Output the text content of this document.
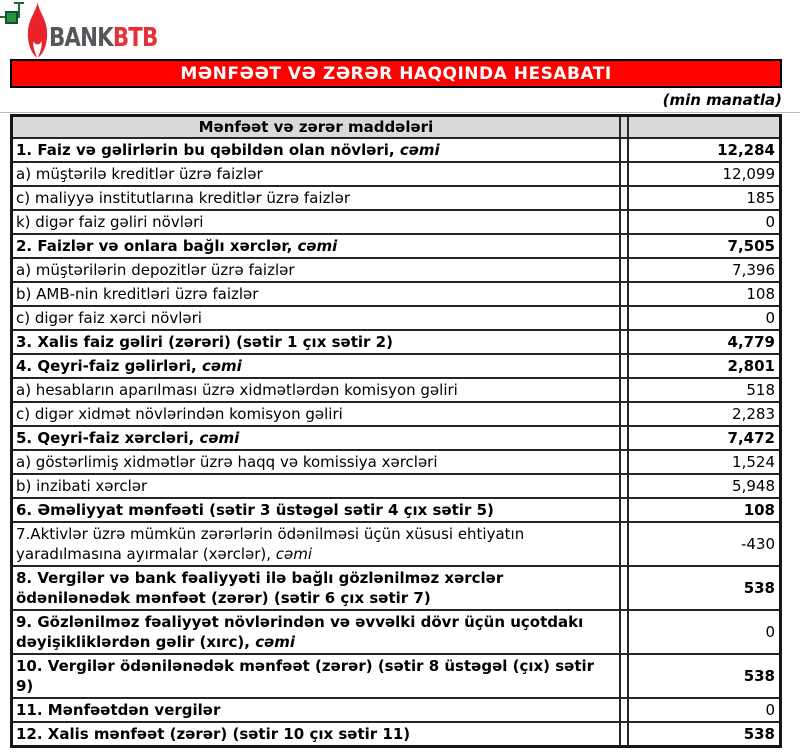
BANKBTB
MƏNFƏƏT VƏ ZƏRƏR HAQQINDA HESABATI
(min manatla)
Mənfəət və zərər maddələri		
1. Faiz və gəlirlərin bu qəbildən olan növləri, cəmi		12,284
a) müştərilə kreditlər üzrə faizlər		12,099
c) maliyyə institutlarına kreditlər üzrə faizlər		185
k) digər faiz gəliri növləri		0
2. Faizlər və onlara bağlı xərclər, cəmi		7,505
a) müştərilərin depozitlər üzrə faizlər		7,396
b) AMB-nin kreditləri üzrə faizlər		108
c) digər faiz xərci növləri		0
3. Xalis faiz gəliri (zərəri) (sətir 1 çıx sətir 2)		4,779
4. Qeyri-faiz gəlirləri, cəmi		2,801
a) hesabların aparılması üzrə xidmətlərdən komisyon gəliri		518
c) digər xidmət növlərindən komisyon gəliri		2,283
5. Qeyri-faiz xərcləri, cəmi		7,472
a) göstərlimiş xidmətlər üzrə haqq və komissiya xərcləri		1,524
b) inzibati xərclər		5,948
6. Əməliyyat mənfəəti (sətir 3 üstəgəl sətir 4 çıx sətir 5)		108
7.Aktivlər üzrə mümkün zərərlərin ödənilməsi üçün xüsusi ehtiyatın yaradılmasına ayırmalar (xərclər), cəmi		-430
8. Vergilər və bank fəaliyyəti ilə bağlı gözlənilməz xərclər ödənilənədək mənfəət (zərər) (sətir 6 çıx sətir 7)		538
9. Gözlənilməz fəaliyyət növlərindən və əvvəlki dövr üçün uçotdakı dəyişikliklərdən gəlir (xırc), cəmi		0
10. Vergilər ödənilənədək mənfəət (zərər) (sətir 8 üstəgəl (çıx) sətir 9)		538
11. Mənfəətdən vergilər		0
12. Xalis mənfəət (zərər) (sətir 10 çıx sətir 11)		538
